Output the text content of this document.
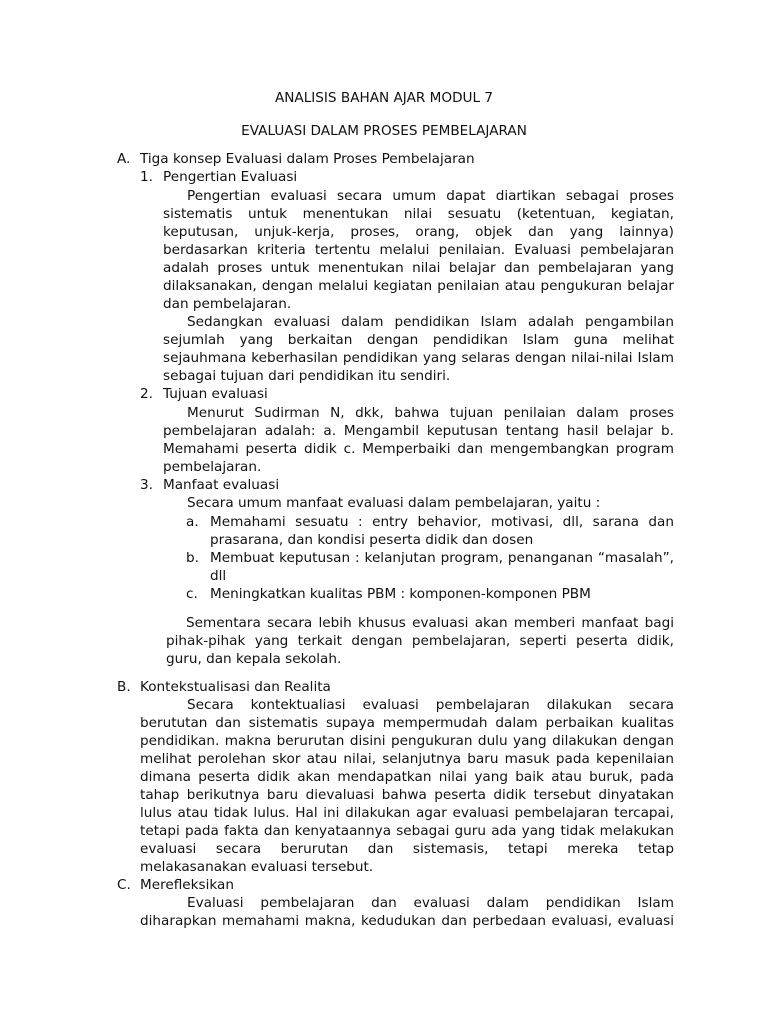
ANALISIS BAHAN AJAR MODUL 7
EVALUASI DALAM PROSES PEMBELAJARAN
A. Tiga konsep Evaluasi dalam Proses Pembelajaran
1. Pengertian Evaluasi

Pengertian evaluasi secara umum dapat diartikan sebagai proses sistematis untuk menentukan nilai sesuatu (ketentuan, kegiatan, keputusan, unjuk-kerja, proses, orang, objek dan yang lainnya) berdasarkan kriteria tertentu melalui penilaian. Evaluasi pembelajaran adalah proses untuk menentukan nilai belajar dan pembelajaran yang dilaksanakan, dengan melalui kegiatan penilaian atau pengukuran belajar dan pembelajaran.

Sedangkan evaluasi dalam pendidikan Islam adalah pengambilan sejumlah yang berkaitan dengan pendidikan Islam guna melihat sejauhmana keberhasilan pendidikan yang selaras dengan nilai-nilai Islam sebagai tujuan dari pendidikan itu sendiri.

2. Tujuan evaluasi

Menurut Sudirman N, dkk, bahwa tujuan penilaian dalam proses pembelajaran adalah: a. Mengambil keputusan tentang hasil belajar b. Memahami peserta didik c. Memperbaiki dan mengembangkan program pembelajaran.

3. Manfaat evaluasi
Secara umum manfaat evaluasi dalam pembelajaran, yaitu :
a. Memahami sesuatu : entry behavior, motivasi, dll, sarana dan prasarana, dan kondisi peserta didik dan dosen
b. Membuat keputusan : kelanjutan program, penanganan “masalah”, dll
c. Meningkatkan kualitas PBM : komponen-komponen PBM

Sementara secara lebih khusus evaluasi akan memberi manfaat bagi pihak-pihak yang terkait dengan pembelajaran, seperti peserta didik, guru, dan kepala sekolah.

B. Kontekstualisasi dan Realita

Secara kontektualiasi evaluasi pembelajaran dilakukan secara berututan dan sistematis supaya mempermudah dalam perbaikan kualitas pendidikan. makna berurutan disini pengukuran dulu yang dilakukan dengan melihat perolehan skor atau nilai, selanjutnya baru masuk pada kepenilaian dimana peserta didik akan mendapatkan nilai yang baik atau buruk, pada tahap berikutnya baru dievaluasi bahwa peserta didik tersebut dinyatakan lulus atau tidak lulus. Hal ini dilakukan agar evaluasi pembelajaran tercapai, tetapi pada fakta dan kenyataannya sebagai guru ada yang tidak melakukan evaluasi secara berurutan dan sistemasis, tetapi mereka tetap melakasanakan evaluasi tersebut.

C. Merefleksikan

Evaluasi pembelajaran dan evaluasi dalam pendidikan Islam diharapkan memahami makna, kedudukan dan perbedaan evaluasi, evaluasi
